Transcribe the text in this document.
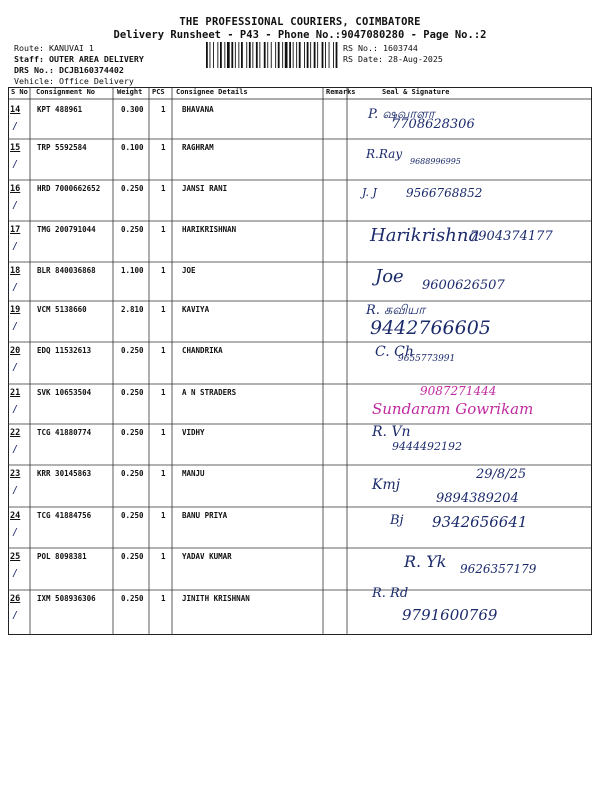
THE PROFESSIONAL COURIERS, COIMBATORE
Delivery Runsheet - P43 - Phone No.:9047080280 - Page No.:2
Route: KANUVAI 1
Staff: OUTER AREA DELIVERY
DRS No.: DCJB160374402
Vehicle: Office Delivery
RS No.: 1603744
RS Date: 28-Aug-2025
S No Consignment No	Weight PCS Consignee Details	Remarks	Seal & Signature
14 KPT 488961	0.300 1 BHAVANA	P. ஷவாளா
7708628306
/
15 TRP 5592584	0.100 1 RAGHRAM	R.Ray
9688996995
/
16 HRD 7000662652	0.250 1 JANSI RANI	J. J 9566768852
/
17 TMG 200791044	0.250 1 HARIKRISHNAN	Harikrishna
7904374177
/
18 BLR 840036868	1.100 1 JOE	Joe 9600626507
/
19 VCM 5138660	2.810 1 KAVIYA	R. கவியா
9442766605
/
20 EDQ 11532613	0.250 1 CHANDRIKA	C. Ch
9655773991
/
21 SVK 10653504	0.250 1 A N STRADERS
Sundaram Gowrikam
9087271444
/
22 TCG 41880774	0.250 1 VIDHY	R. Vn
9444492192
/
23 KRR 30145863	0.250 1 MANJU
Kmj
9894389204
29/8/25
/
24 TCG 41884756	0.250 1 BANU PRIYA	Bj 9342656641
/
25 POL 8098381	0.250 1 YADAV KUMAR	R. Yk 9626357179
/
26 IXM 508936306	0.250 1 JINITH KRISHNAN	R. Rd
9791600769
/
